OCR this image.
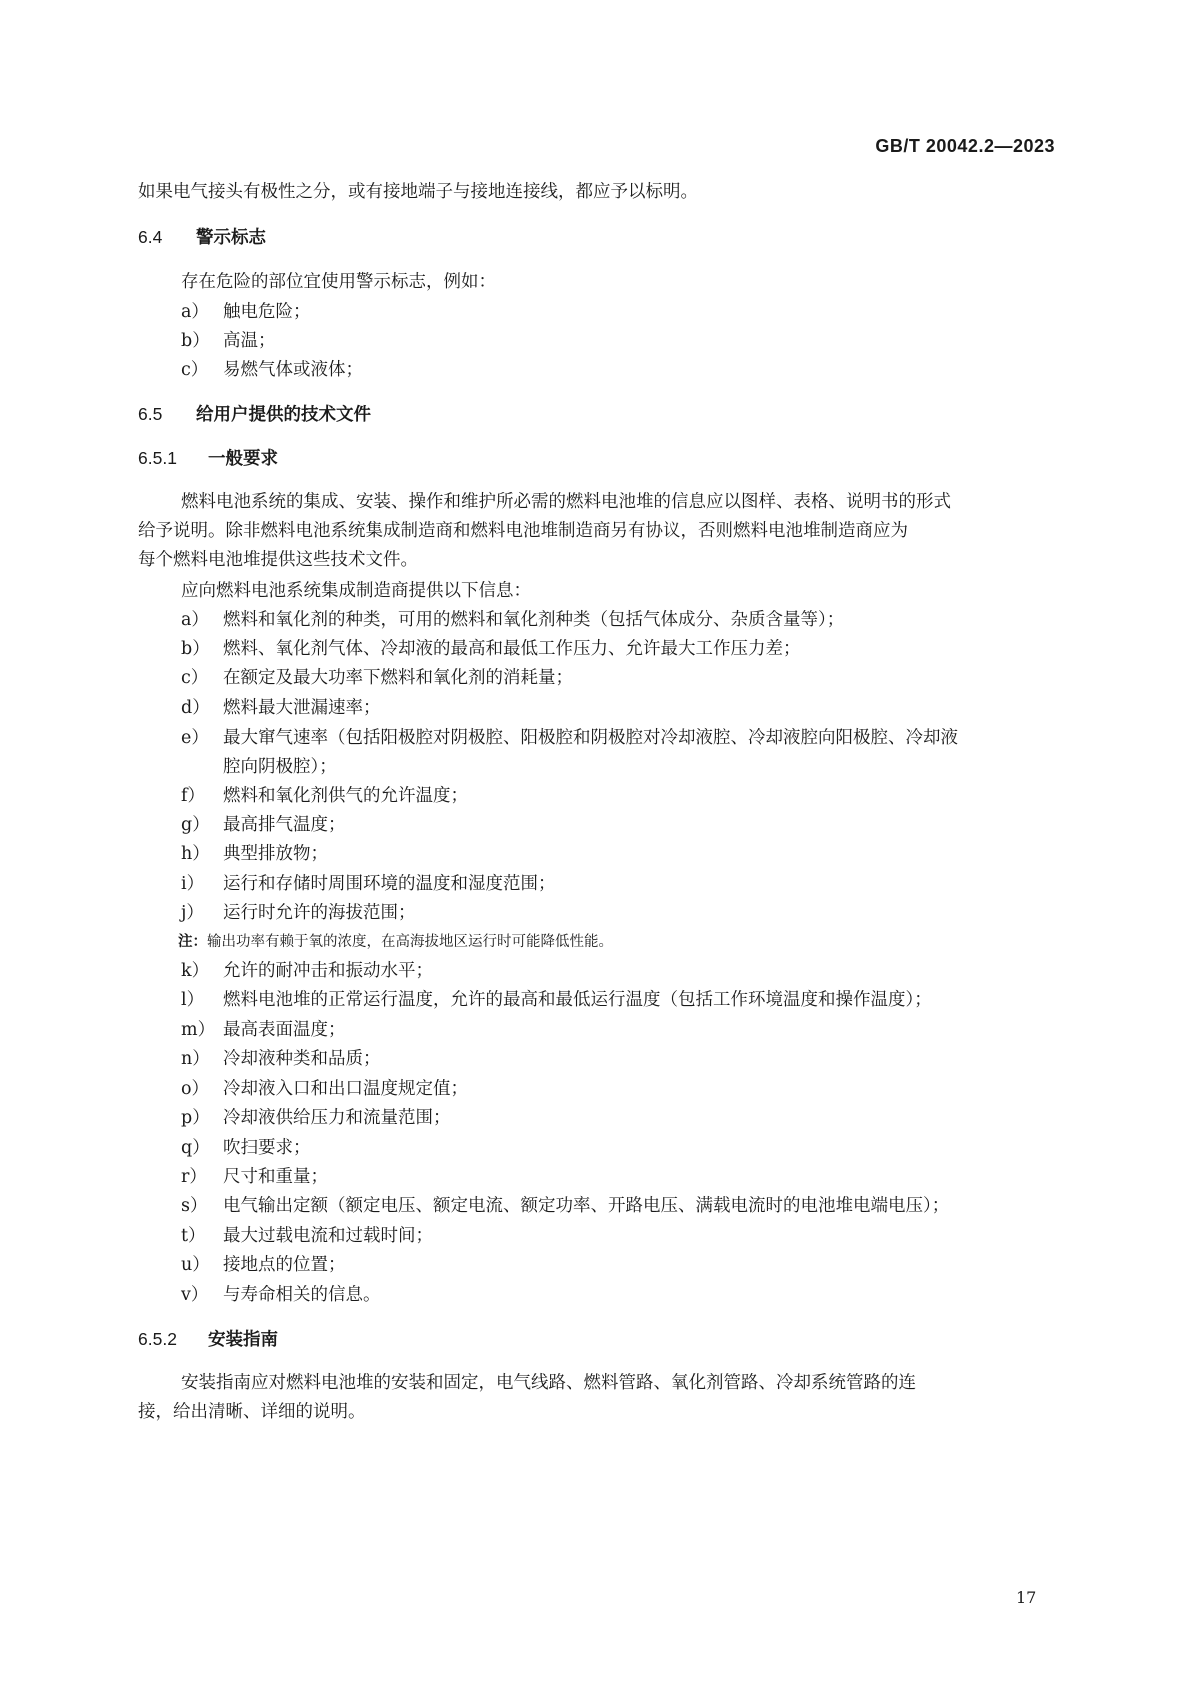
GB/T 20042.2—2023
如果电气接头有极性之分，或有接地端子与接地连接线，都应予以标明。
6.4 警示标志
存在危险的部位宜使用警示标志，例如：
a） 触电危险；
b） 高温；
c） 易燃气体或液体；
6.5 给用户提供的技术文件
6.5.1 一般要求
燃料电池系统的集成、安装、操作和维护所必需的燃料电池堆的信息应以图样、表格、说明书的形式
给予说明。除非燃料电池系统集成制造商和燃料电池堆制造商另有协议，否则燃料电池堆制造商应为
每个燃料电池堆提供这些技术文件。
应向燃料电池系统集成制造商提供以下信息：
a） 燃料和氧化剂的种类，可用的燃料和氧化剂种类（包括气体成分、杂质含量等）；
b） 燃料、氧化剂气体、冷却液的最高和最低工作压力、允许最大工作压力差；
c） 在额定及最大功率下燃料和氧化剂的消耗量；
d） 燃料最大泄漏速率；
e） 最大窜气速率（包括阳极腔对阴极腔、阳极腔和阴极腔对冷却液腔、冷却液腔向阳极腔、冷却液
腔向阴极腔）；
f） 燃料和氧化剂供气的允许温度；
g） 最高排气温度；
h） 典型排放物；
i） 运行和存储时周围环境的温度和湿度范围；
j） 运行时允许的海拔范围；
注：输出功率有赖于氧的浓度，在高海拔地区运行时可能降低性能。
k） 允许的耐冲击和振动水平；
l） 燃料电池堆的正常运行温度，允许的最高和最低运行温度（包括工作环境温度和操作温度）；
m） 最高表面温度；
n） 冷却液种类和品质；
o） 冷却液入口和出口温度规定值；
p） 冷却液供给压力和流量范围；
q） 吹扫要求；
r） 尺寸和重量；
s） 电气输出定额（额定电压、额定电流、额定功率、开路电压、满载电流时的电池堆电端电压）；
t） 最大过载电流和过载时间；
u） 接地点的位置；
v） 与寿命相关的信息。
6.5.2 安装指南
安装指南应对燃料电池堆的安装和固定，电气线路、燃料管路、氧化剂管路、冷却系统管路的连
接，给出清晰、详细的说明。
17
